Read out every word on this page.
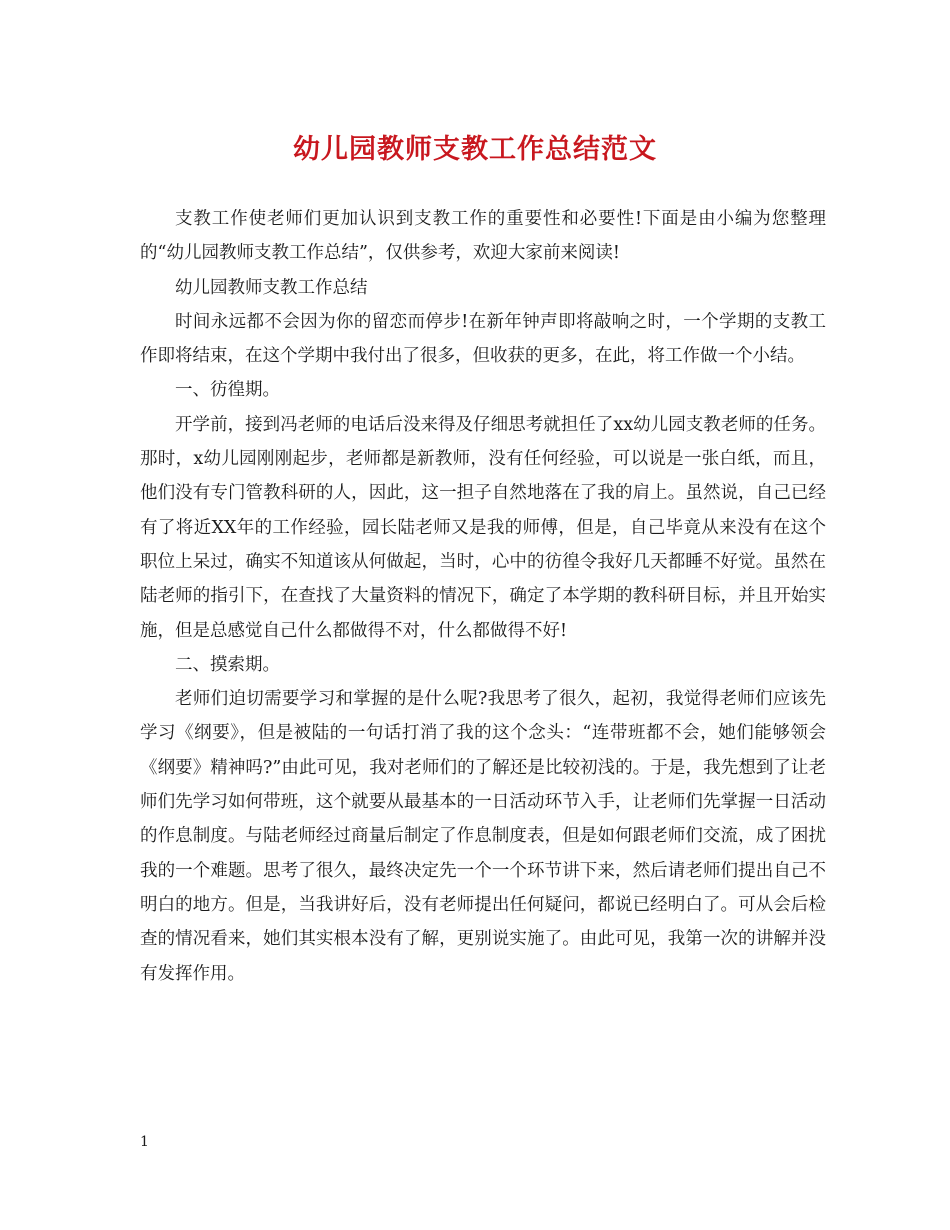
幼儿园教师支教工作总结范文

支教工作使老师们更加认识到支教工作的重要性和必要性!下面是由小编为您整理的“幼儿园教师支教工作总结”，仅供参考，欢迎大家前来阅读!

幼儿园教师支教工作总结

时间永远都不会因为你的留恋而停步!在新年钟声即将敲响之时，一个学期的支教工作即将结束，在这个学期中我付出了很多，但收获的更多，在此，将工作做一个小结。

一、彷徨期。

开学前，接到冯老师的电话后没来得及仔细思考就担任了xx幼儿园支教老师的任务。那时，x幼儿园刚刚起步，老师都是新教师，没有任何经验，可以说是一张白纸，而且，他们没有专门管教科研的人，因此，这一担子自然地落在了我的肩上。虽然说，自己已经有了将近XX年的工作经验，园长陆老师又是我的师傅，但是，自己毕竟从来没有在这个职位上呆过，确实不知道该从何做起，当时，心中的彷徨令我好几天都睡不好觉。虽然在陆老师的指引下，在查找了大量资料的情况下，确定了本学期的教科研目标，并且开始实施，但是总感觉自己什么都做得不对，什么都做得不好!

二、摸索期。

老师们迫切需要学习和掌握的是什么呢?我思考了很久，起初，我觉得老师们应该先学习《纲要》，但是被陆的一句话打消了我的这个念头：“连带班都不会，她们能够领会《纲要》精神吗?”由此可见，我对老师们的了解还是比较初浅的。于是，我先想到了让老师们先学习如何带班，这个就要从最基本的一日活动环节入手，让老师们先掌握一日活动的作息制度。与陆老师经过商量后制定了作息制度表，但是如何跟老师们交流，成了困扰我的一个难题。思考了很久，最终决定先一个一个环节讲下来，然后请老师们提出自己不明白的地方。但是，当我讲好后，没有老师提出任何疑问，都说已经明白了。可从会后检查的情况看来，她们其实根本没有了解，更别说实施了。由此可见，我第一次的讲解并没有发挥作用。

1
